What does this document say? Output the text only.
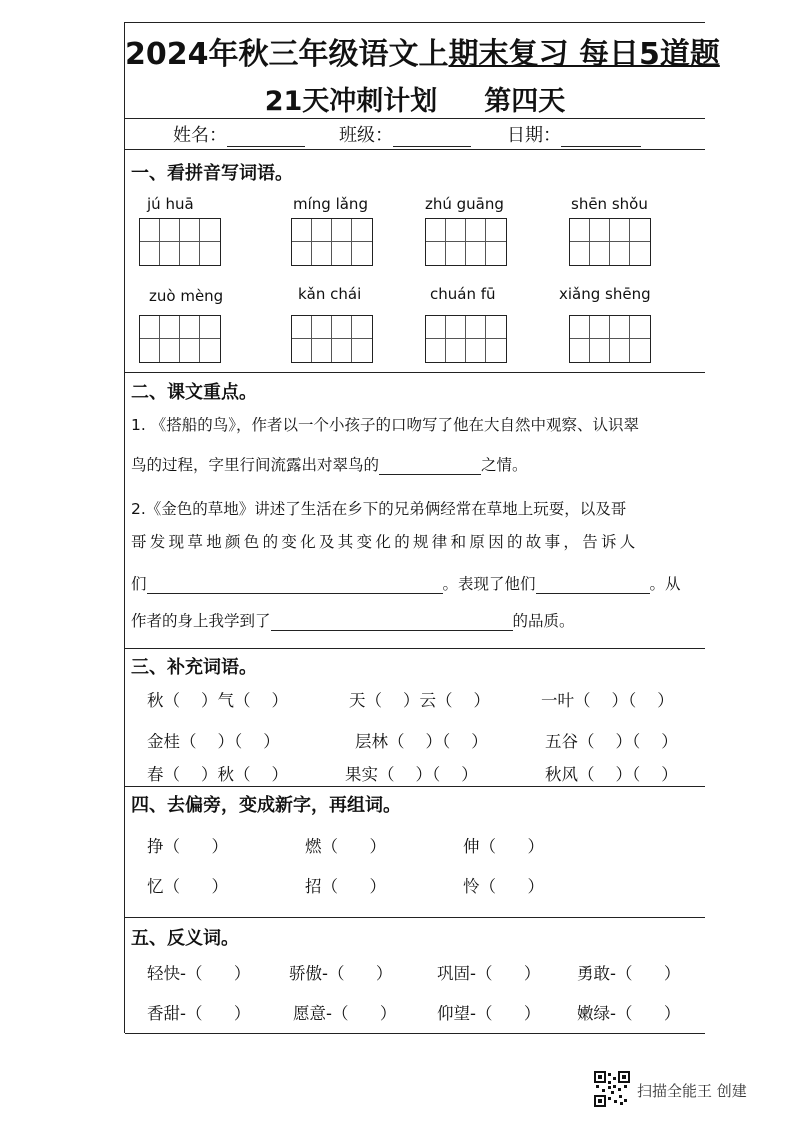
2024年秋三年级语文上期末复习 每日5道题
21天冲刺计划     第四天
姓名：	班级：	日期：
一、看拼音写词语。
jú huā	míng lǎng	zhú guāng	shēn shǒu
zuò mèng	kǎn chái	chuán fū	xiǎng shēng
二、课文重点。
1. 《搭船的鸟》，作者以一个小孩子的口吻写了他在大自然中观察、认识翠
鸟的过程，字里行间流露出对翠鸟的	之情。
2.《金色的草地》讲述了生活在乡下的兄弟俩经常在草地上玩耍，以及哥
哥发现草地颜色的变化及其变化的规律和原因的故事，告诉人
们	。表现了他们	。从
作者的身上我学到了	的品质。
三、补充词语。
秋（    ）气（    ）	天（    ）云（    ）	一叶（    ）（    ）
金桂（    ）（    ）	层林（    ）（    ）	五谷（    ）（    ）
春（    ）秋（    ）	果实（    ）（    ）	秋风（    ）（    ）
四、去偏旁，变成新字，再组词。
挣（      ）	燃（      ）	伸（      ）
忆（      ）	招（      ）	怜（      ）
五、反义词。
轻快-（      ） 骄傲-（      ）	巩固-（      ） 勇敢-（      ）
香甜-（      ）	愿意-（      ） 仰望-（      ） 嫩绿-（      ）
扫描全能王 创建
